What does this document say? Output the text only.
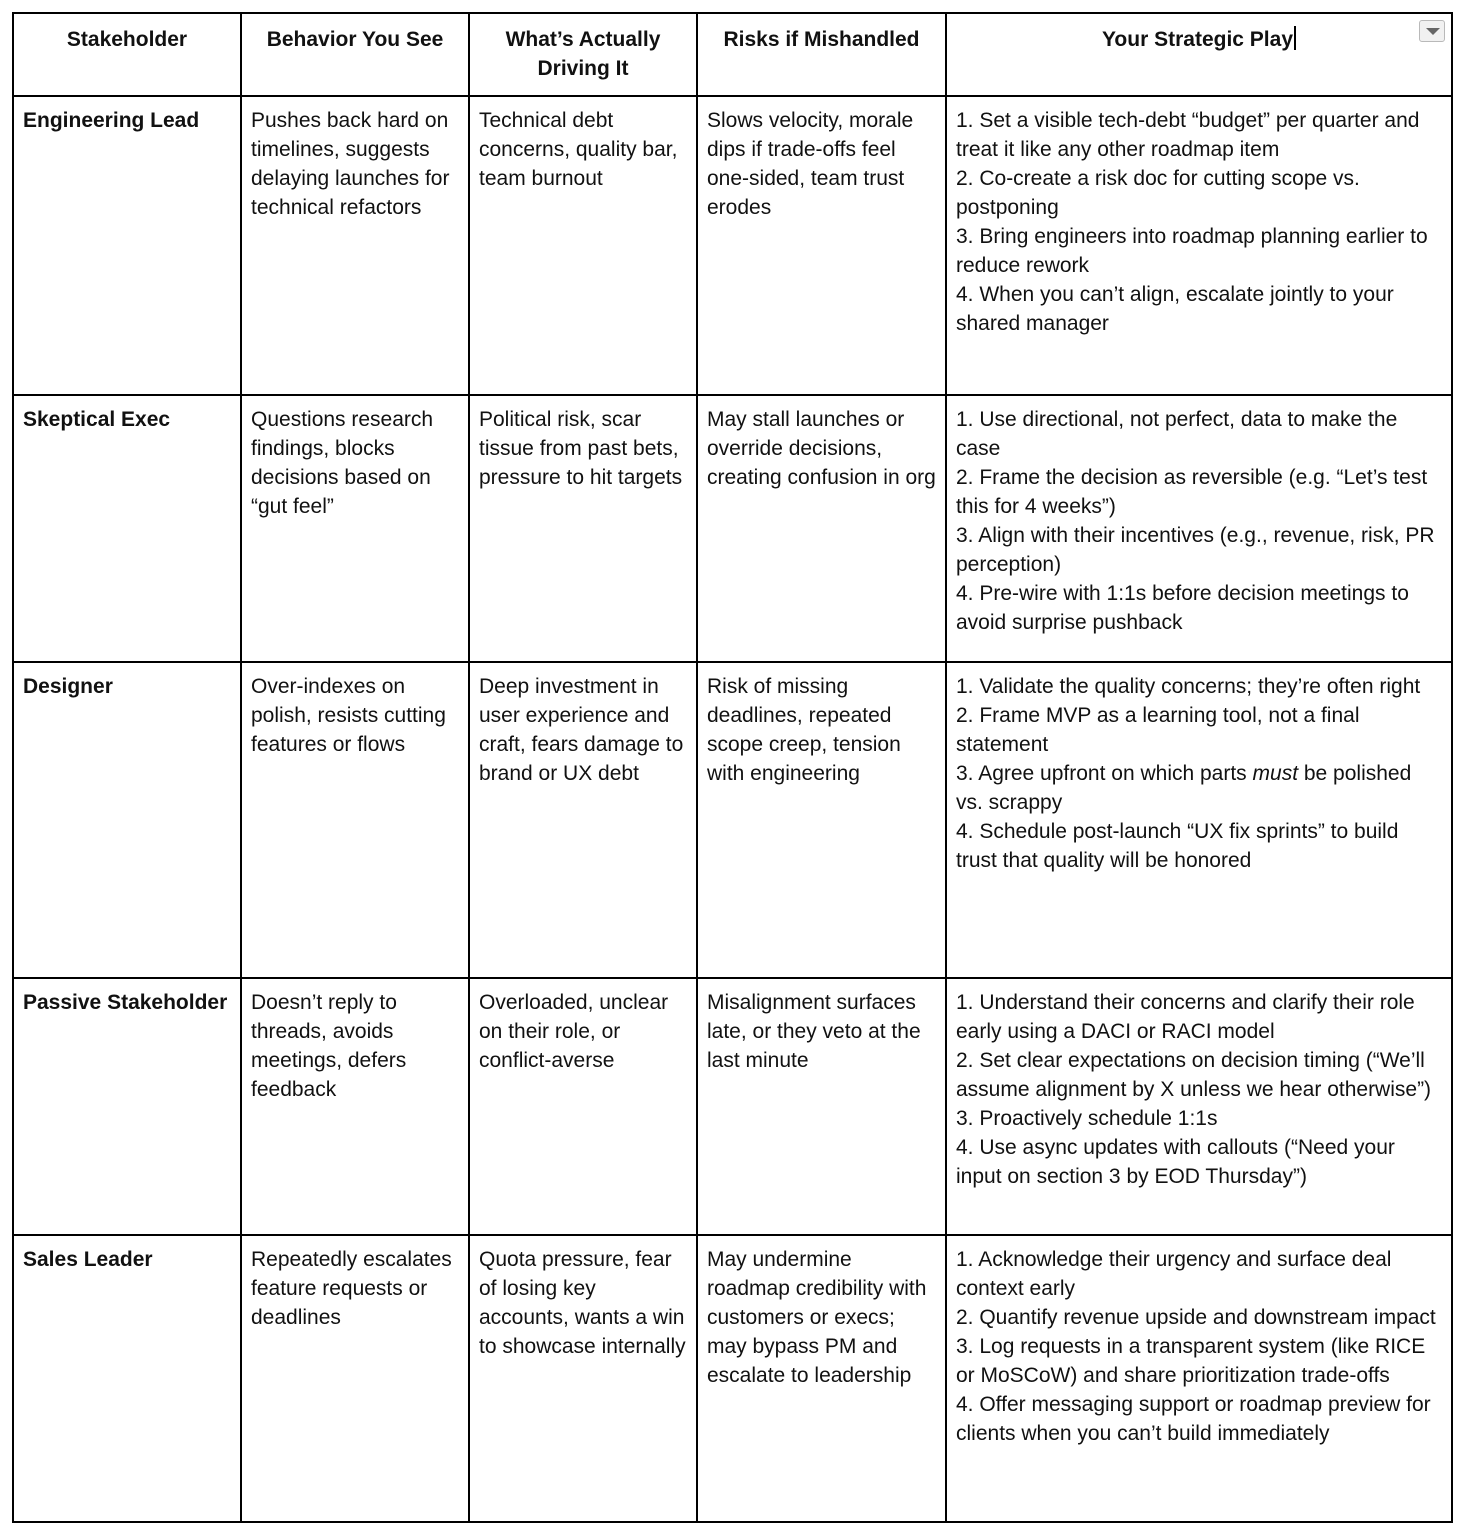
Stakeholder	Behavior You See	What’s Actually Driving It	Risks if Mishandled	Your Strategic Play
Engineering Lead	Pushes back hard on timelines, suggests delaying launches for technical refactors	Technical debt concerns, quality bar, team burnout	Slows velocity, morale dips if trade-offs feel one-sided, team trust erodes	1. Set a visible tech-debt “budget” per quarter and treat it like any other roadmap item
2. Co-create a risk doc for cutting scope vs. postponing
3. Bring engineers into roadmap planning earlier to reduce rework
4. When you can’t align, escalate jointly to your shared manager

Skeptical Exec	Questions research findings, blocks decisions based on “gut feel”	Political risk, scar tissue from past bets, pressure to hit targets	May stall launches or override decisions, creating confusion in org	1. Use directional, not perfect, data to make the case
2. Frame the decision as reversible (e.g. “Let’s test this for 4 weeks”)
3. Align with their incentives (e.g., revenue, risk, PR perception)
4. Pre-wire with 1:1s before decision meetings to avoid surprise pushback

Designer	Over-indexes on polish, resists cutting features or flows	Deep investment in user experience and craft, fears damage to brand or UX debt	Risk of missing deadlines, repeated scope creep, tension with engineering	1. Validate the quality concerns; they’re often right
2. Frame MVP as a learning tool, not a final statement
3. Agree upfront on which parts must be polished vs. scrappy
4. Schedule post-launch “UX fix sprints” to build trust that quality will be honored

Passive Stakeholder	Doesn’t reply to threads, avoids meetings, defers feedback	Overloaded, unclear on their role, or conflict-averse	Misalignment surfaces late, or they veto at the last minute	1. Understand their concerns and clarify their role early using a DACI or RACI model
2. Set clear expectations on decision timing (“We’ll assume alignment by X unless we hear otherwise”)
3. Proactively schedule 1:1s
4. Use async updates with callouts (“Need your input on section 3 by EOD Thursday”)

Sales Leader	Repeatedly escalates feature requests or deadlines	Quota pressure, fear of losing key accounts, wants a win to showcase internally	May undermine roadmap credibility with customers or execs; may bypass PM and escalate to leadership	1. Acknowledge their urgency and surface deal context early
2. Quantify revenue upside and downstream impact
3. Log requests in a transparent system (like RICE or MoSCoW) and share prioritization trade-offs
4. Offer messaging support or roadmap preview for clients when you can’t build immediately
